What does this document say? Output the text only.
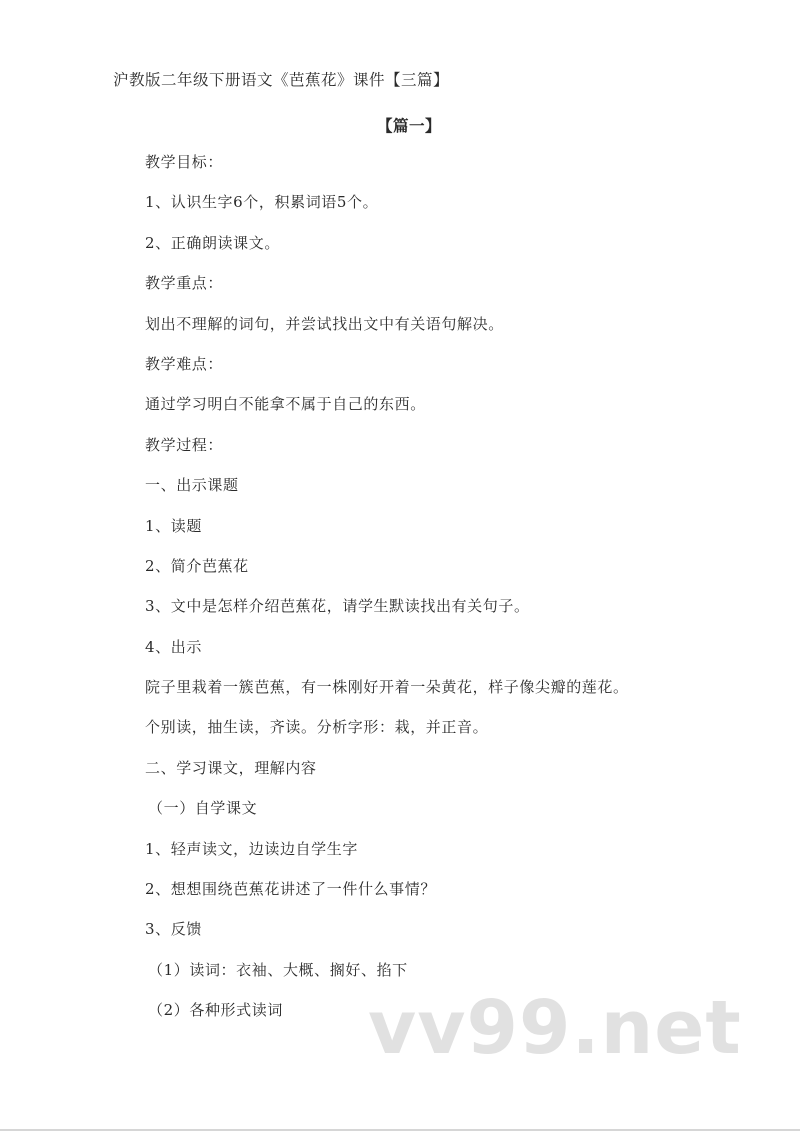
沪教版二年级下册语文《芭蕉花》课件【三篇】
【篇一】
教学目标：
1、认识生字6个，积累词语5个。
2、正确朗读课文。
教学重点：
划出不理解的词句，并尝试找出文中有关语句解决。
教学难点：
通过学习明白不能拿不属于自己的东西。
教学过程：
一、出示课题
1、读题
2、简介芭蕉花
3、文中是怎样介绍芭蕉花，请学生默读找出有关句子。
4、出示
院子里栽着一簇芭蕉，有一株刚好开着一朵黄花，样子像尖瓣的莲花。
个别读，抽生读，齐读。分析字形：栽，并正音。
二、学习课文，理解内容
（一）自学课文
1、轻声读文，边读边自学生字
2、想想围绕芭蕉花讲述了一件什么事情？
3、反馈
（1）读词：衣袖、大概、搁好、掐下
（2）各种形式读词	vv99.net
